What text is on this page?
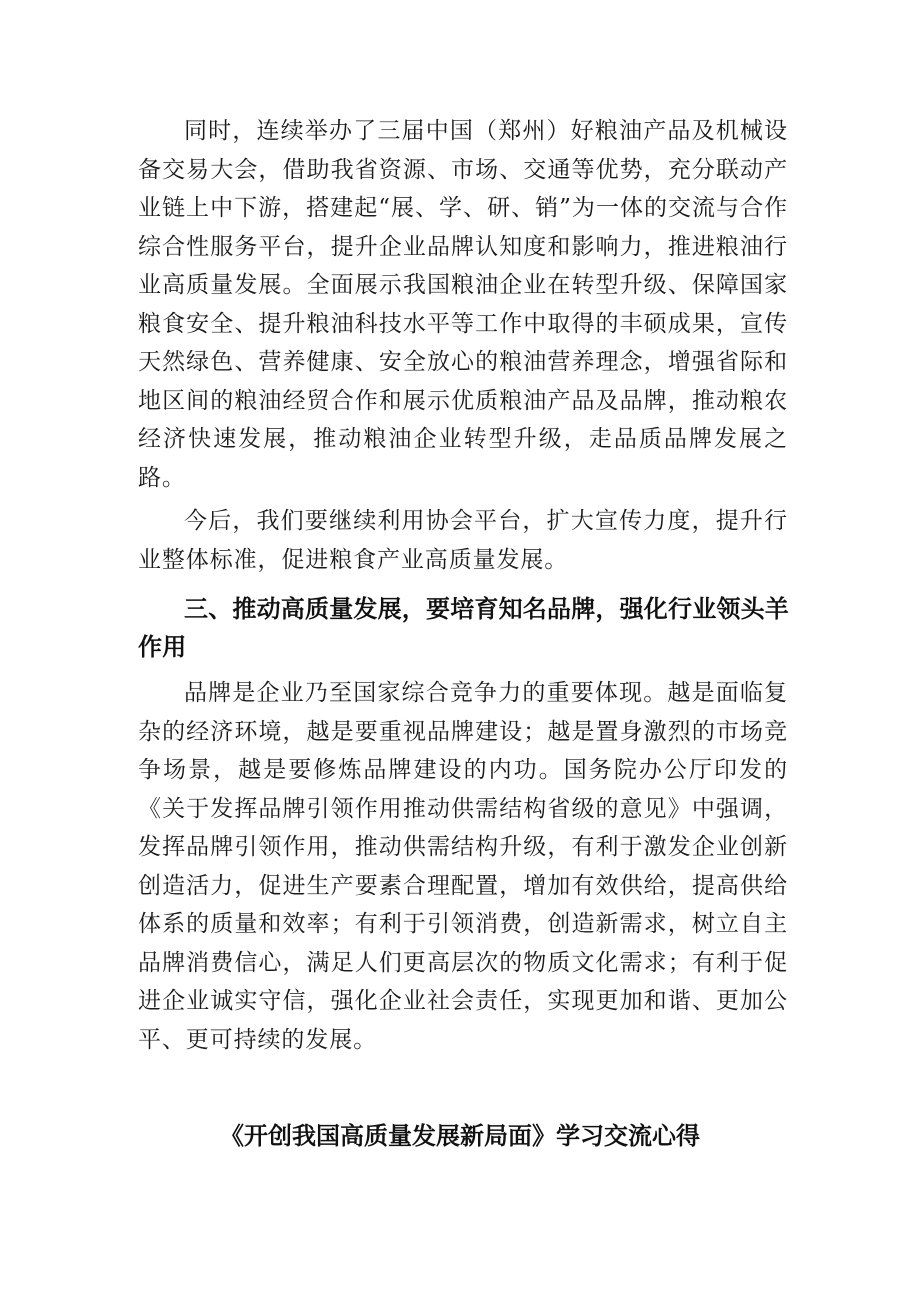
同时，连续举办了三届中国（郑州）好粮油产品及机械设备交易大会，借助我省资源、市场、交通等优势，充分联动产业链上中下游，搭建起“展、学、研、销”为一体的交流与合作综合性服务平台，提升企业品牌认知度和影响力，推进粮油行业高质量发展。全面展示我国粮油企业在转型升级、保障国家粮食安全、提升粮油科技水平等工作中取得的丰硕成果，宣传天然绿色、营养健康、安全放心的粮油营养理念，增强省际和地区间的粮油经贸合作和展示优质粮油产品及品牌，推动粮农经济快速发展，推动粮油企业转型升级，走品质品牌发展之路。

今后，我们要继续利用协会平台，扩大宣传力度，提升行业整体标准，促进粮食产业高质量发展。

三、推动高质量发展，要培育知名品牌，强化行业领头羊作用

品牌是企业乃至国家综合竞争力的重要体现。越是面临复杂的经济环境，越是要重视品牌建设；越是置身激烈的市场竞争场景，越是要修炼品牌建设的内功。国务院办公厅印发的《关于发挥品牌引领作用推动供需结构省级的意见》中强调，发挥品牌引领作用，推动供需结构升级，有利于激发企业创新创造活力，促进生产要素合理配置，增加有效供给，提高供给体系的质量和效率；有利于引领消费，创造新需求，树立自主品牌消费信心，满足人们更高层次的物质文化需求；有利于促进企业诚实守信，强化企业社会责任，实现更加和谐、更加公平、更可持续的发展。

《开创我国高质量发展新局面》学习交流心得
